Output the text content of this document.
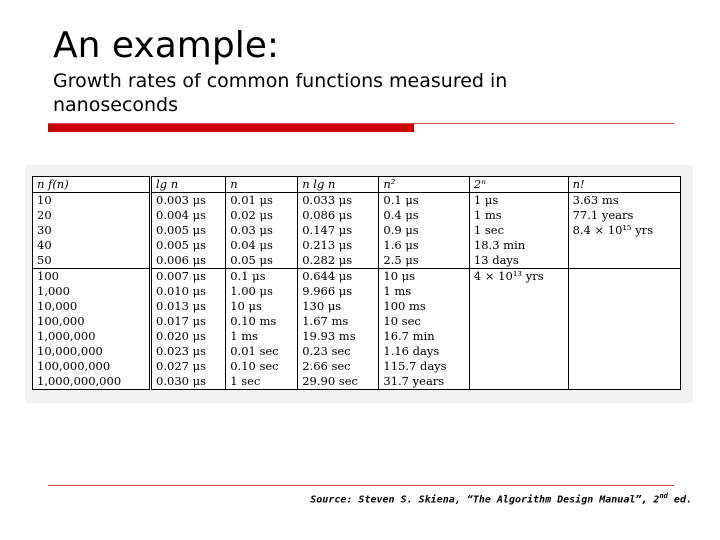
An example:
Growth rates of common functions measured in nanoseconds
n f(n)	lg n	n	n lg n	n²	2ⁿ	n!
10	0.003 μs	0.01 μs	0.033 μs	0.1 μs	1 μs	3.63 ms
20	0.004 μs	0.02 μs	0.086 μs	0.4 μs	1 ms	77.1 years
30	0.005 μs	0.03 μs	0.147 μs	0.9 μs	1 sec	8.4 × 10¹⁵ yrs
40	0.005 μs	0.04 μs	0.213 μs	1.6 μs	18.3 min	
50	0.006 μs	0.05 μs	0.282 μs	2.5 μs	13 days	
100	0.007 μs	0.1 μs	0.644 μs	10 μs	4 × 10¹³ yrs	
1,000	0.010 μs	1.00 μs	9.966 μs	1 ms		
10,000	0.013 μs	10 μs	130 μs	100 ms		
100,000	0.017 μs	0.10 ms	1.67 ms	10 sec		
1,000,000	0.020 μs	1 ms	19.93 ms	16.7 min		
10,000,000	0.023 μs	0.01 sec	0.23 sec	1.16 days		
100,000,000	0.027 μs	0.10 sec	2.66 sec	115.7 days		
1,000,000,000	0.030 μs	1 sec	29.90 sec	31.7 years		
Source: Steven S. Skiena, “The Algorithm Design Manual”, 2nd ed.
